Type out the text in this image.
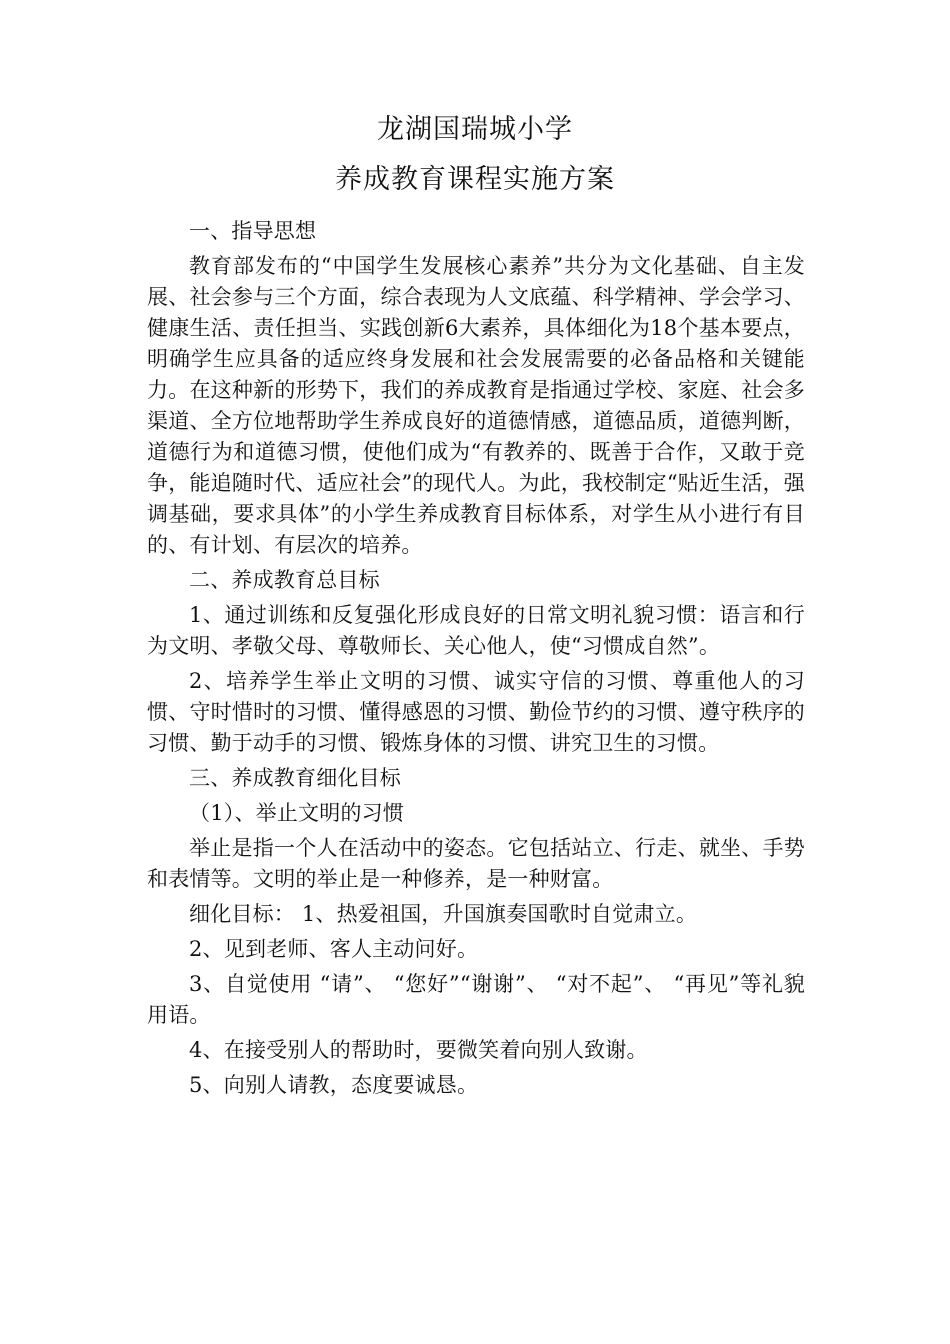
龙湖国瑞城小学
养成教育课程实施方案

一、指导思想

教育部发布的“中国学生发展核心素养”共分为文化基础、自主发展、社会参与三个方面，综合表现为人文底蕴、科学精神、学会学习、健康生活、责任担当、实践创新6大素养，具体细化为18个基本要点，明确学生应具备的适应终身发展和社会发展需要的必备品格和关键能力。在这种新的形势下，我们的养成教育是指通过学校、家庭、社会多渠道、全方位地帮助学生养成良好的道德情感，道德品质，道德判断，道德行为和道德习惯，使他们成为“有教养的、既善于合作，又敢于竞争，能追随时代、适应社会”的现代人。为此，我校制定“贴近生活，强调基础，要求具体”的小学生养成教育目标体系，对学生从小进行有目的、有计划、有层次的培养。

二、养成教育总目标

1、通过训练和反复强化形成良好的日常文明礼貌习惯：语言和行为文明、孝敬父母、尊敬师长、关心他人，使“习惯成自然”。

2、培养学生举止文明的习惯、诚实守信的习惯、尊重他人的习惯、守时惜时的习惯、懂得感恩的习惯、勤俭节约的习惯、遵守秩序的习惯、勤于动手的习惯、锻炼身体的习惯、讲究卫生的习惯。

三、养成教育细化目标

（1）、举止文明的习惯

举止是指一个人在活动中的姿态。它包括站立、行走、就坐、手势和表情等。文明的举止是一种修养，是一种财富。

细化目标： 1、热爱祖国，升国旗奏国歌时自觉肃立。

2、见到老师、客人主动问好。

3、自觉使用 “请”、 “您好”“谢谢”、 “对不起”、 “再见”等礼貌用语。

4、在接受别人的帮助时，要微笑着向别人致谢。

5、向别人请教，态度要诚恳。
